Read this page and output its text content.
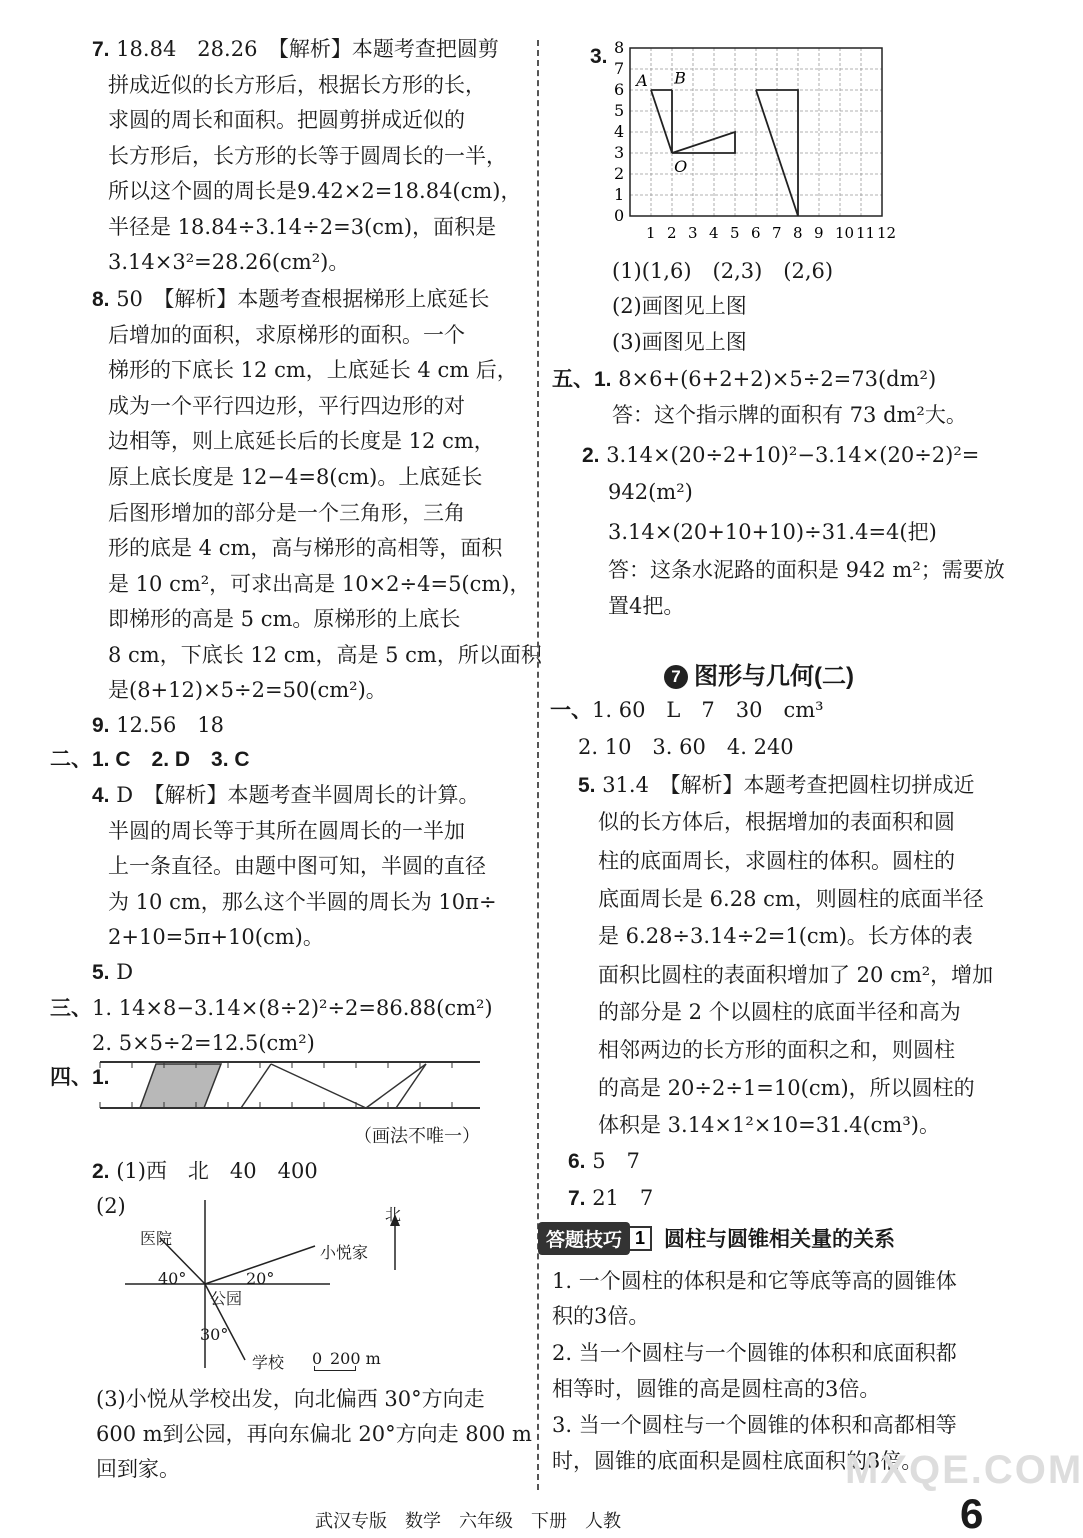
7. 18.84　28.26　【解析】本题考查把圆剪
拼成近似的长方形后，根据长方形的长，
求圆的周长和面积。把圆剪拼成近似的
长方形后，长方形的长等于圆周长的一半，
所以这个圆的周长是9.42×2=18.84(cm)，
半径是 18.84÷3.14÷2=3(cm)，面积是
3.14×3²=28.26(cm²)。
8. 50　【解析】本题考查根据梯形上底延长
后增加的面积，求原梯形的面积。一个
梯形的下底长 12 cm，上底延长 4 cm 后，
成为一个平行四边形，平行四边形的对
边相等，则上底延长后的长度是 12 cm，
原上底长度是 12−4=8(cm)。上底延长
后图形增加的部分是一个三角形，三角
形的底是 4 cm，高与梯形的高相等，面积
是 10 cm²，可求出高是 10×2÷4=5(cm)，
即梯形的高是 5 cm。原梯形的上底长
8 cm，下底长 12 cm，高是 5 cm，所以面积
是(8+12)×5÷2=50(cm²)。
9. 12.56　18
二、1. C　2. D　3. C
4. D　【解析】本题考查半圆周长的计算。
半圆的周长等于其所在圆周长的一半加
上一条直径。由题中图可知，半圆的直径
为 10 cm，那么这个半圆的周长为 10π÷
2+10=5π+10(cm)。
5. D
三、1. 14×8−3.14×(8÷2)²÷2=86.88(cm²)
2. 5×5÷2=12.5(cm²)
四、1.
（画法不唯一）
2. (1)西　北　40　400
(2)	北
医院
小悦家
40°	20°
公园
30°
学校 0 200 m
(3)小悦从学校出发，向北偏西 30°方向走
600 m到公园，再向东偏北 20°方向走 800 m
回到家。
3. 8
7
6
5
4
3
2
1
0
1 2 3 4 5 6 7 8 9 10 11 12
A B
O
(1)(1,6)　(2,3)　(2,6)
(2)画图见上图
(3)画图见上图
五、1. 8×6+(6+2+2)×5÷2=73(dm²)
答：这个指示牌的面积有 73 dm²大。
2. 3.14×(20÷2+10)²−3.14×(20÷2)²=
942(m²)
3.14×(20+10+10)÷31.4=4(把)
答：这条水泥路的面积是 942 m²；需要放
置4把。
7 图形与几何(二)
一、1. 60　L　7　30　cm³
2. 10　3. 60　4. 240
5. 31.4　【解析】本题考查把圆柱切拼成近
似的长方体后，根据增加的表面积和圆
柱的底面周长，求圆柱的体积。圆柱的
底面周长是 6.28 cm，则圆柱的底面半径
是 6.28÷3.14÷2=1(cm)。长方体的表
面积比圆柱的表面积增加了 20 cm²，增加
的部分是 2 个以圆柱的底面半径和高为
相邻两边的长方形的面积之和，则圆柱
的高是 20÷2÷1=10(cm)，所以圆柱的
体积是 3.14×1²×10=31.4(cm³)。
6. 5　7
7. 21　7
答题技巧 1 圆柱与圆锥相关量的关系
1. 一个圆柱的体积是和它等底等高的圆锥体
积的3倍。
2. 当一个圆柱与一个圆锥的体积和底面积都
相等时，圆锥的高是圆柱高的3倍。
3. 当一个圆柱与一个圆锥的体积和高都相等
时，圆锥的底面积是圆柱底面积的3倍。
MXQE.COM
武汉专版　数学　六年级　下册　人教	6
